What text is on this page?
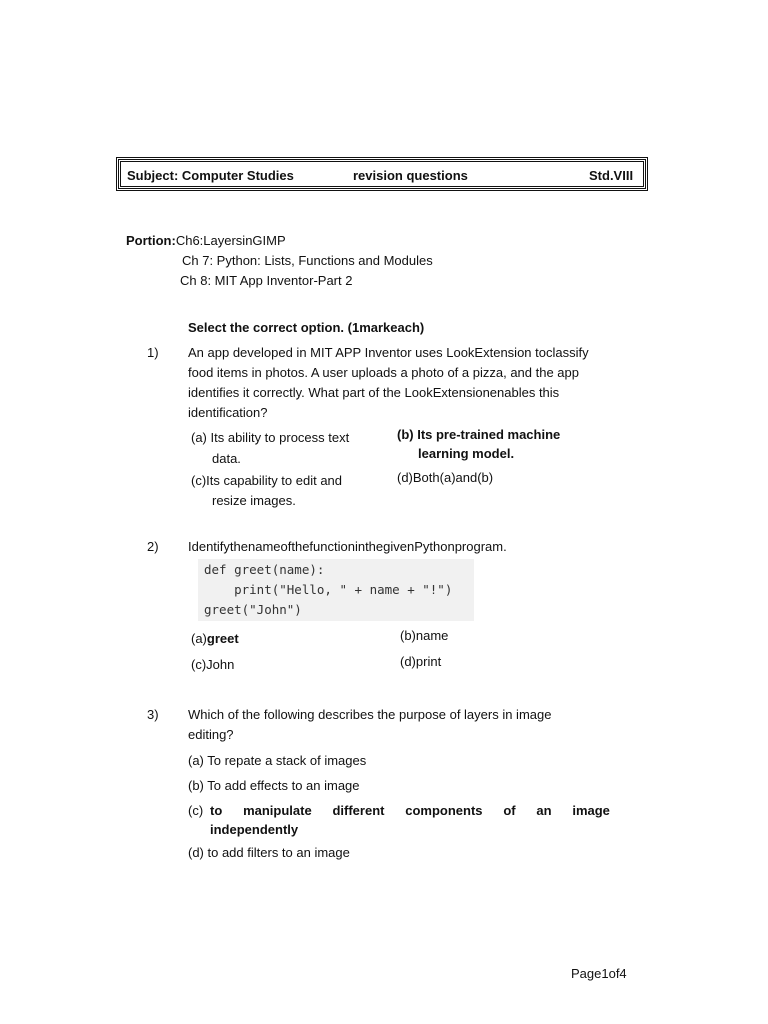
Subject: Computer Studies	revision questions	Std.VIII
Portion:Ch6:LayersinGIMP
Ch 7: Python: Lists, Functions and Modules
Ch 8: MIT App Inventor-Part 2
Select the correct option. (1markeach)
1) An app developed in MIT APP Inventor uses LookExtension toclassify
food items in photos. A user uploads a photo of a pizza, and the app
identifies it correctly. What part of the LookExtensionenables this
identification?
(a) Its ability to process text
data.
(b) Its pre-trained machine
learning model.
(c)Its capability to edit and
resize images.
(d)Both(a)and(b)
2) IdentifythenameofthefunctioninthegivenPythonprogram.
def greet(name):
print("Hello, " + name + "!")
greet("John")
(a)greet	(b)name
(c)John	(d)print
3) Which of the following describes the purpose of layers in image
editing?
(a) To repate a stack of images
(b) To add effects to an image
(c) to manipulate different components of an image
independently
(d) to add filters to an image
Page1of4
